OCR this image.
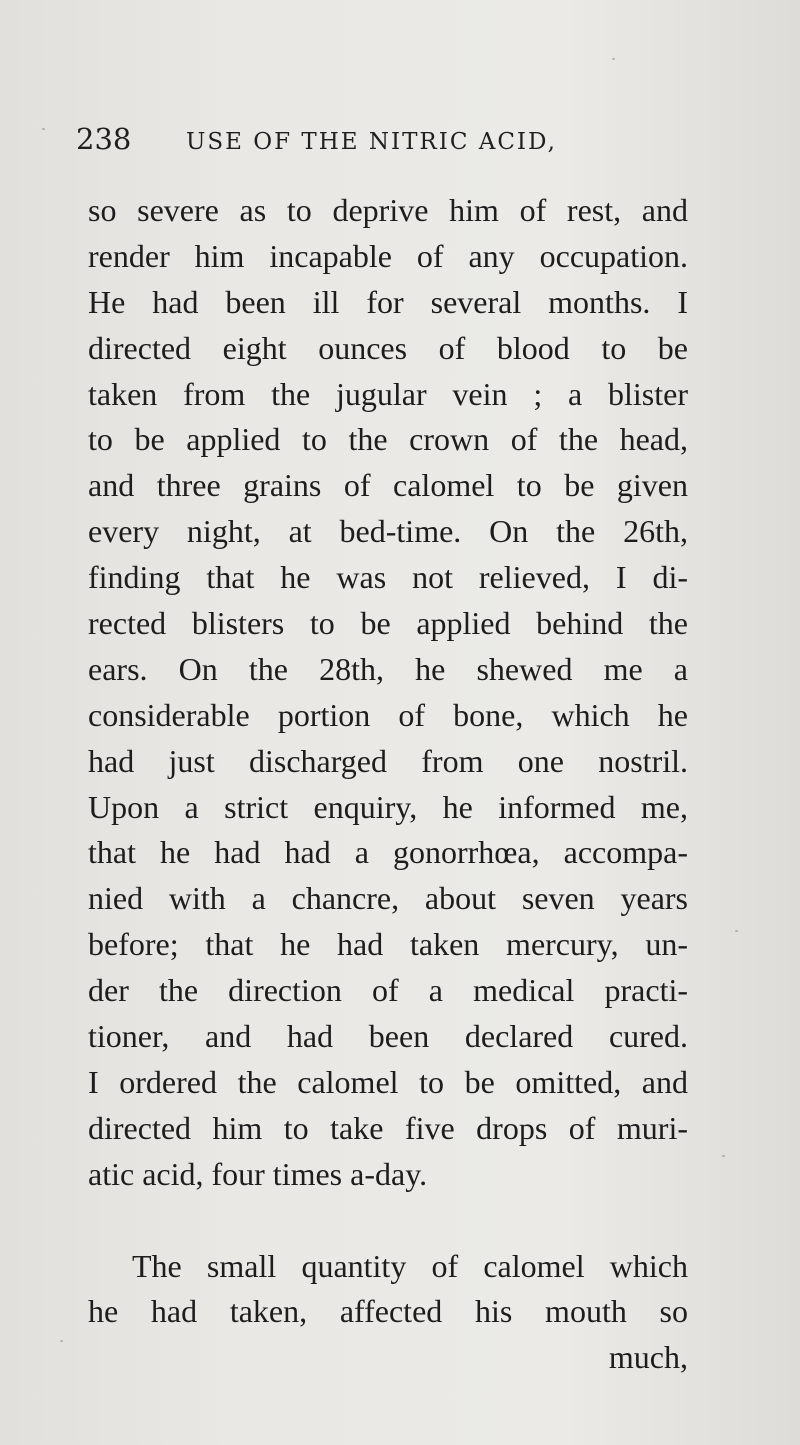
238	USE OF THE NITRIC ACID,
so severe as to deprive him of rest, and
render him incapable of any occupation.
He had been ill for several months. I
directed eight ounces of blood to be
taken from the jugular vein ; a blister
to be applied to the crown of the head,
and three grains of calomel to be given
every night, at bed-time. On the 26th,
finding that he was not relieved, I di-
rected blisters to be applied behind the
ears. On the 28th, he shewed me a
considerable portion of bone, which he
had just discharged from one nostril.
Upon a strict enquiry, he informed me,
that he had had a gonorrhœa, accompa-
nied with a chancre, about seven years
before; that he had taken mercury, un-
der the direction of a medical practi-
tioner, and had been declared cured.
I ordered the calomel to be omitted, and
directed him to take five drops of muri-
atic acid, four times a-day.
The small quantity of calomel which
he had taken, affected his mouth so
much,
